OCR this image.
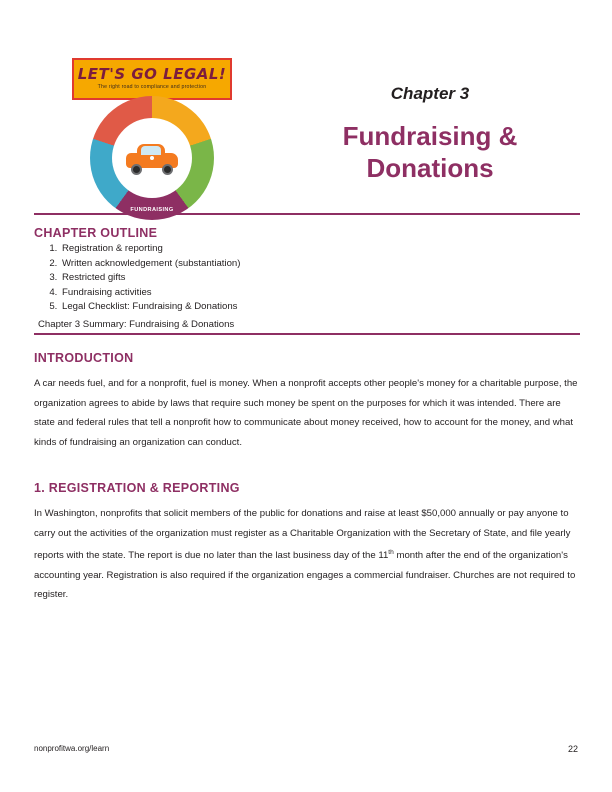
LET'S GO LEGAL!
The right road to compliance and protection
FUNDRAISING
Chapter 3
Fundraising &
Donations
CHAPTER OUTLINE
1. Registration & reporting
2. Written acknowledgement (substantiation)
3. Restricted gifts
4. Fundraising activities
5. Legal Checklist: Fundraising & Donations
Chapter 3 Summary: Fundraising & Donations
INTRODUCTION
A car needs fuel, and for a nonprofit, fuel is money. When a nonprofit accepts other people's money for a charitable purpose, the organization agrees to abide by laws that require such money be spent on the purposes for which it was intended. There are state and federal rules that tell a nonprofit how to communicate about money received, how to account for the money, and what kinds of fundraising an organization can conduct.
1. REGISTRATION & REPORTING
In Washington, nonprofits that solicit members of the public for donations and raise at least $50,000 annually or pay anyone to carry out the activities of the organization must register as a Charitable Organization with the Secretary of State, and file yearly reports with the state. The report is due no later than the last business day of the 11th month after the end of the organization's accounting year. Registration is also required if the organization engages a commercial fundraiser. Churches are not required to register.
nonprofitwa.org/learn	22
